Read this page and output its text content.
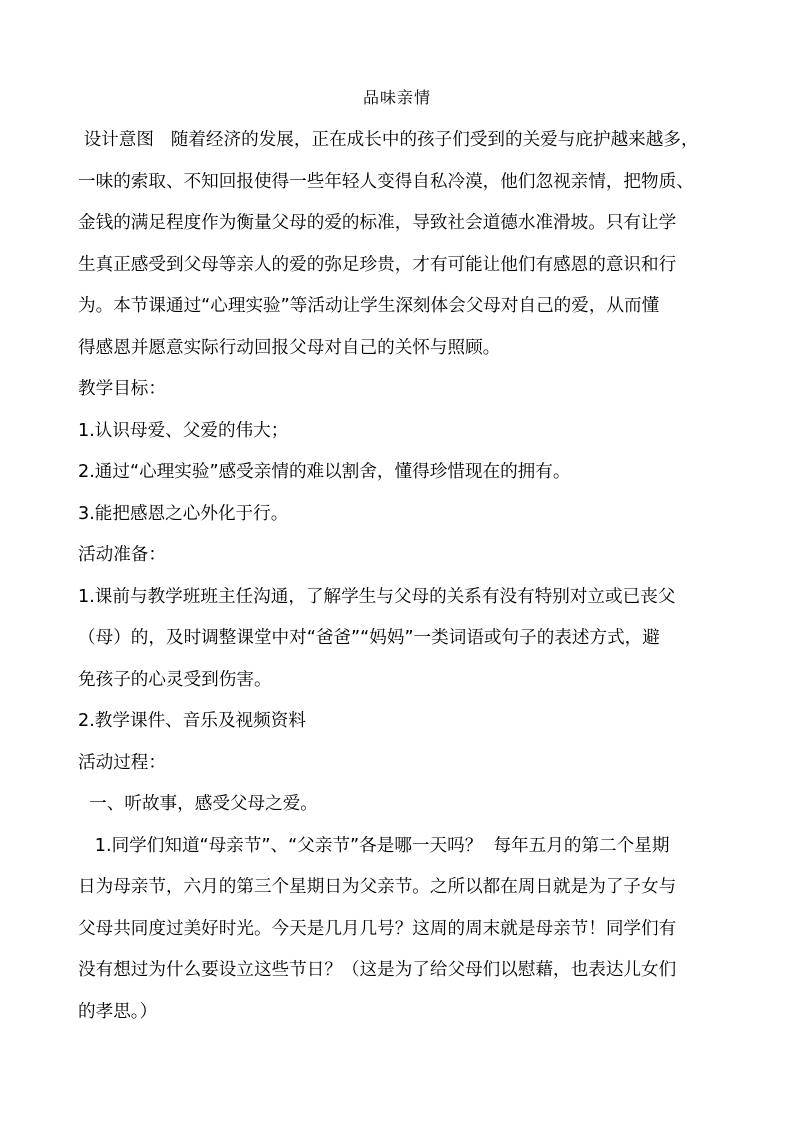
品味亲情
设计意图   随着经济的发展，正在成长中的孩子们受到的关爱与庇护越来越多，
一味的索取、不知回报使得一些年轻人变得自私冷漠，他们忽视亲情，把物质、
金钱的满足程度作为衡量父母的爱的标准，导致社会道德水准滑坡。只有让学
生真正感受到父母等亲人的爱的弥足珍贵，才有可能让他们有感恩的意识和行
为。本节课通过“心理实验”等活动让学生深刻体会父母对自己的爱，从而懂
得感恩并愿意实际行动回报父母对自己的关怀与照顾。
教学目标：
1.认识母爱、父爱的伟大；
2.通过“心理实验”感受亲情的难以割舍，懂得珍惜现在的拥有。
3.能把感恩之心外化于行。
活动准备：
1.课前与教学班班主任沟通，了解学生与父母的关系有没有特别对立或已丧父
（母）的，及时调整课堂中对“爸爸”“妈妈”一类词语或句子的表述方式，避
免孩子的心灵受到伤害。
2.教学课件、音乐及视频资料
活动过程：
一、听故事，感受父母之爱。
1.同学们知道“母亲节”、“父亲节”各是哪一天吗？  每年五月的第二个星期
日为母亲节，六月的第三个星期日为父亲节。之所以都在周日就是为了子女与
父母共同度过美好时光。今天是几月几号？这周的周末就是母亲节！同学们有
没有想过为什么要设立这些节日？（这是为了给父母们以慰藉，也表达儿女们
的孝思。）
